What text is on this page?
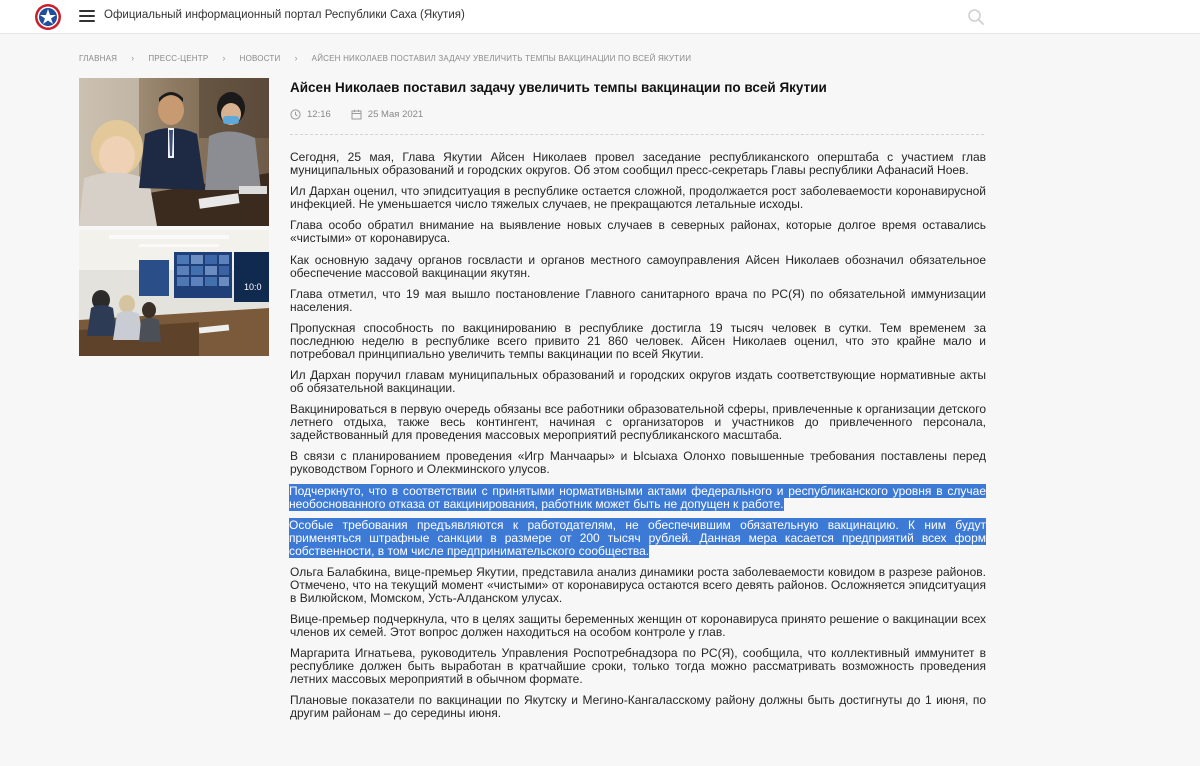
Официальный информационный портал Республики Саха (Якутия)
ГЛАВНАЯ › ПРЕСС-ЦЕНТР › НОВОСТИ › АЙСЕН НИКОЛАЕВ ПОСТАВИЛ ЗАДАЧУ УВЕЛИЧИТЬ ТЕМПЫ ВАКЦИНАЦИИ ПО ВСЕЙ ЯКУТИИ
10:0
Айсен Николаев поставил задачу увеличить темпы вакцинации по всей Якутии
12:16	25 Мая 2021

Сегодня, 25 мая, Глава Якутии Айсен Николаев провел заседание республиканского оперштаба с участием глав муниципальных образований и городских округов. Об этом сообщил пресс-секретарь Главы республики Афанасий Ноев.

Ил Дархан оценил, что эпидситуация в республике остается сложной, продолжается рост заболеваемости коронавирусной инфекцией. Не уменьшается число тяжелых случаев, не прекращаются летальные исходы.

Глава особо обратил внимание на выявление новых случаев в северных районах, которые долгое время оставались «чистыми» от коронавируса.

Как основную задачу органов госвласти и органов местного самоуправления Айсен Николаев обозначил обязательное обеспечение массовой вакцинации якутян.

Глава отметил, что 19 мая вышло постановление Главного санитарного врача по РС(Я) по обязательной иммунизации населения.

Пропускная способность по вакцинированию в республике достигла 19 тысяч человек в сутки. Тем временем за последнюю неделю в республике всего привито 21 860 человек. Айсен Николаев оценил, что это крайне мало и потребовал принципиально увеличить темпы вакцинации по всей Якутии.

Ил Дархан поручил главам муниципальных образований и городских округов издать соответствующие нормативные акты об обязательной вакцинации.

Вакцинироваться в первую очередь обязаны все работники образовательной сферы, привлеченные к организации детского летнего отдыха, также весь контингент, начиная с организаторов и участников до привлеченного персонала, задействованный для проведения массовых мероприятий республиканского масштаба.

В связи с планированием проведения «Игр Манчаары» и Ысыаха Олонхо повышенные требования поставлены перед руководством Горного и Олекминского улусов.

Подчеркнуто, что в соответствии с принятыми нормативными актами федерального и республиканского уровня в случае необоснованного отказа от вакцинирования, работник может быть не допущен к работе.

Особые требования предъявляются к работодателям, не обеспечившим обязательную вакцинацию. К ним будут применяться штрафные санкции в размере от 200 тысяч рублей. Данная мера касается предприятий всех форм собственности, в том числе предпринимательского сообщества.

Ольга Балабкина, вице-премьер Якутии, представила анализ динамики роста заболеваемости ковидом в разрезе районов. Отмечено, что на текущий момент «чистыми» от коронавируса остаются всего девять районов. Осложняется эпидситуация в Вилюйском, Момском, Усть-Алданском улусах.

Вице-премьер подчеркнула, что в целях защиты беременных женщин от коронавируса принято решение о вакцинации всех членов их семей. Этот вопрос должен находиться на особом контроле у глав.

Маргарита Игнатьева, руководитель Управления Роспотребнадзора по РС(Я), сообщила, что коллективный иммунитет в республике должен быть выработан в кратчайшие сроки, только тогда можно рассматривать возможность проведения летних массовых мероприятий в обычном формате.

Плановые показатели по вакцинации по Якутску и Мегино-Кангаласскому району должны быть достигнуты до 1 июня, по другим районам – до середины июня.
